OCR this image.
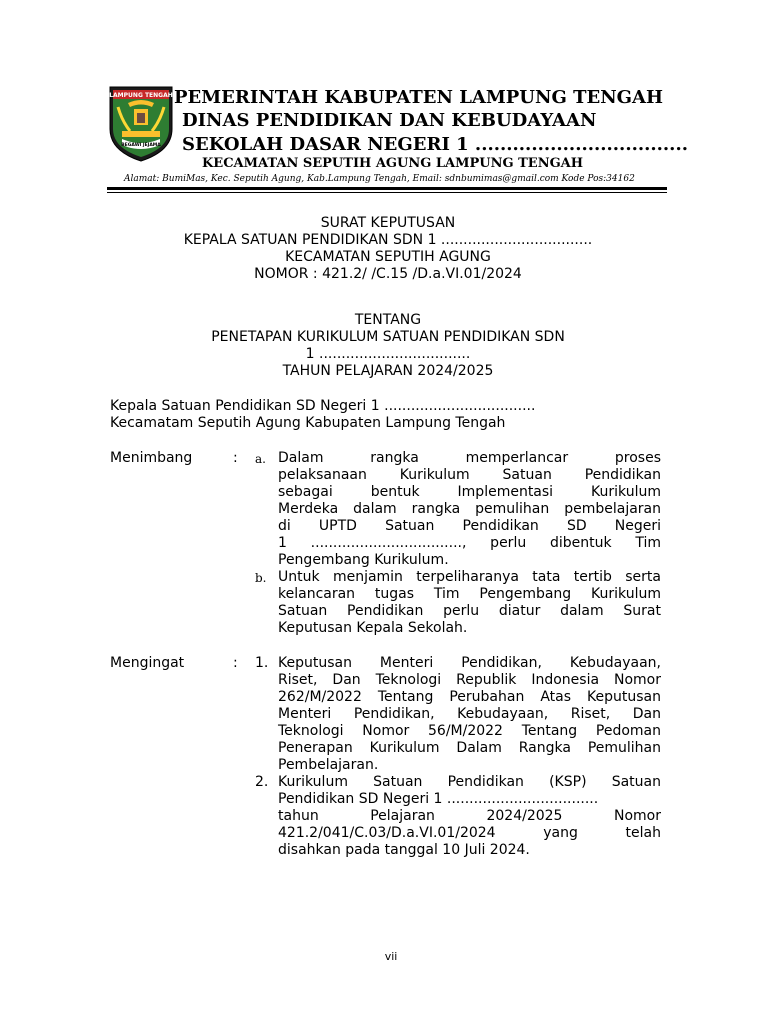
LAMPUNG TENGAH
BEGAWI JEJAMA
PEMERINTAH KABUPATEN LAMPUNG TENGAH
DINAS PENDIDIKAN DAN KEBUDAYAAN
SEKOLAH DASAR NEGERI 1 ..................................
KECAMATAN SEPUTIH AGUNG LAMPUNG TENGAH
Alamat: BumiMas, Kec. Seputih Agung, Kab.Lampung Tengah, Email: sdnbumimas@gmail.com Kode Pos:34162
SURAT KEPUTUSAN
KEPALA SATUAN PENDIDIKAN SDN 1 ..................................
KECAMATAN SEPUTIH AGUNG
NOMOR : 421.2/ /C.15 /D.a.VI.01/2024
TENTANG
PENETAPAN KURIKULUM SATUAN PENDIDIKAN SDN
1 ..................................
TAHUN PELAJARAN 2024/2025
Kepala Satuan Pendidikan SD Negeri 1 ..................................
Kecamatam Seputih Agung Kabupaten Lampung Tengah
Menimbang	: a. Dalam rangka memperlancar proses
pelaksanaan Kurikulum Satuan Pendidikan
sebagai bentuk Implementasi Kurikulum
Merdeka dalam rangka pemulihan pembelajaran
di UPTD Satuan Pendidikan SD Negeri
1 .................................., perlu dibentuk Tim
Pengembang Kurikulum.
b. Untuk menjamin terpeliharanya tata tertib serta
kelancaran tugas Tim Pengembang Kurikulum
Satuan Pendidikan perlu diatur dalam Surat
Keputusan Kepala Sekolah.
Mengingat	: 1. Keputusan Menteri Pendidikan, Kebudayaan,
Riset, Dan Teknologi Republik Indonesia Nomor
262/M/2022 Tentang Perubahan Atas Keputusan
Menteri Pendidikan, Kebudayaan, Riset, Dan
Teknologi Nomor 56/M/2022 Tentang Pedoman
Penerapan Kurikulum Dalam Rangka Pemulihan
Pembelajaran.
2. Kurikulum Satuan Pendidikan (KSP) Satuan
Pendidikan SD Negeri 1 ..................................
tahun Pelajaran 2024/2025 Nomor
421.2/041/C.03/D.a.VI.01/2024 yang telah
disahkan pada tanggal 10 Juli 2024.
vii
